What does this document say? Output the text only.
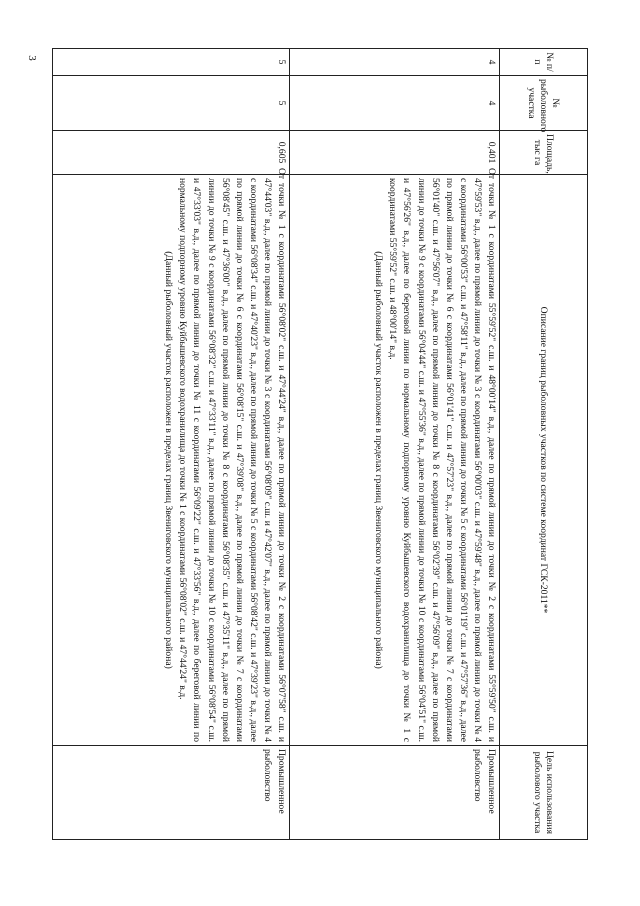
3	№ п/п	№ рыболовного участка	Площадь, тыс га	Описание границ рыболовных участков по системе координат ГСК-2011**	Цель использования рыболового участка
4	4	0,401	От точки № 1 с координатами 55°59'52" с.ш. и 48°00'14" в.д., далее по прямой линии до точки № 2 с координатами 55°59'50" с.ш. и 47°59'53" в.д., далее по прямой линии до точки № 3 с координатами 56°00'03" с.ш. и 47°59'48" в.д., далее по прямой линии до точки № 4 с координатами 56°00'53" с.ш. и 47°58'11" в.д., далее по прямой линии до точки № 5 с координатами 56°01'19" с.ш. и 47°57'36" в.д., далее по прямой линии до точки № 6 с координатами 56°01'41" с.ш. и 47°57'23" в.д., далее по прямой линии до точки № 7 с координатами 56°01'40" с.ш. и 47°56'07" в.д., далее по прямой линии до точки № 8 с координатами 56°02'39" с.ш. и 47°56'09" в.д., далее по прямой линии до точки № 9 с координатами 56°04'44" с.ш. и 47°55'36" в.д., далее по прямой линии до точки № 10 с координатами 56°04'51" с.ш. и 47°56'26" в.д., далее по береговой линии по нормальному подпорному уровню Куйбышевского водохранилища до точки № 1 с координатами 55°59'52" с.ш. и 48°00'14" в.д.
(Данный рыболовный участок расположен в пределах границ Звениговского муниципального района)	Промышленное рыболовство
5	5	0,605	От точки № 1 с координатами 56°08'02" с.ш. и 47°44'24" в.д., далее по прямой линии до точки № 2 с координатами 56°07'58" с.ш. и 47°44'03" в.д., далее по прямой линии до точки № 3 с координатами 56°08'09" с.ш. и 47°42'07" в.д., далее по прямой линии до точки № 4 с координатами 56°08'34" с.ш. и 47°40'23" в.д., далее по прямой линии до точки № 5 с координатами 56°08'42" с.ш. и 47°39'23" в.д., далее по прямой линии до точки № 6 с координатами 56°08'15" с.ш. и 47°39'08" в.д., далее по прямой линии до точки № 7 с координатами 56°08'45" с.ш. и 47°36'00" в.д., далее по прямой линии до точки № 8 с координатами 56°08'35" с.ш. и 47°35'11" в.д., далее по прямой линии до точки № 9 с координатами 56°08'32" с.ш. и 47°33'11" в.д., далее по прямой линии до точки № 10 с координатами 56°08'54" с.ш. и 47°33'03" в.д., далее по прямой линии до точки № 11 с координатами 56°09'22" с.ш. и 47°33'56" в.д., далее по береговой линии по нормальному подпорному уровню Куйбышевского водохранилища до точки № 1 с координатами 56°08'02" с.ш. и 47°44'24" в.д.
(Данный рыболовный участок расположен в пределах границ Звениговского муниципального района)	Промышленное рыболовство
